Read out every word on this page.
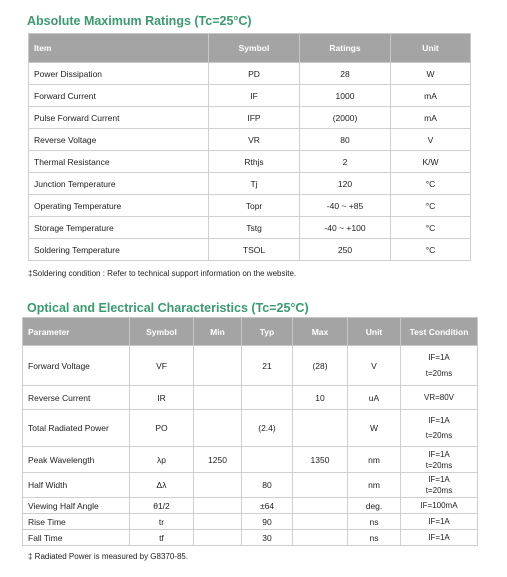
Absolute Maximum Ratings (Tc=25°C)
Item	Symbol	Ratings	Unit
Power Dissipation	PD	28	W
Forward Current	IF	1000	mA
Pulse Forward Current	IFP	(2000)	mA
Reverse Voltage	VR	80	V
Thermal Resistance	Rthjs	2	K/W
Junction Temperature	Tj	120	°C
Operating Temperature	Topr	-40 ~ +85	°C
Storage Temperature	Tstg	-40 ~ +100	°C
Soldering Temperature	TSOL	250	°C
‡Soldering condition : Refer to technical support information on the website.
Optical and Electrical Characteristics (Tc=25°C)
Parameter	Symbol	Min	Typ	Max	Unit	Test Condition
Forward Voltage	VF		21	(28)	V	IF=1A
t=20ms

Reverse Current	IR			10	uA	VR=80V

Total Radiated Power	PO		(2.4)		W	IF=1A
t=20ms

Peak Wavelength	λp	1250		1350	nm	IF=1A
t=20ms

Half Width	Δλ		80		nm	IF=1A
t=20ms

Viewing Half Angle	θ1/2		±64		deg.	IF=100mA

Rise Time	tr		90		ns	IF=1A

Fall Time	tf		30		ns	IF=1A
‡ Radiated Power is measured by G8370-85.
